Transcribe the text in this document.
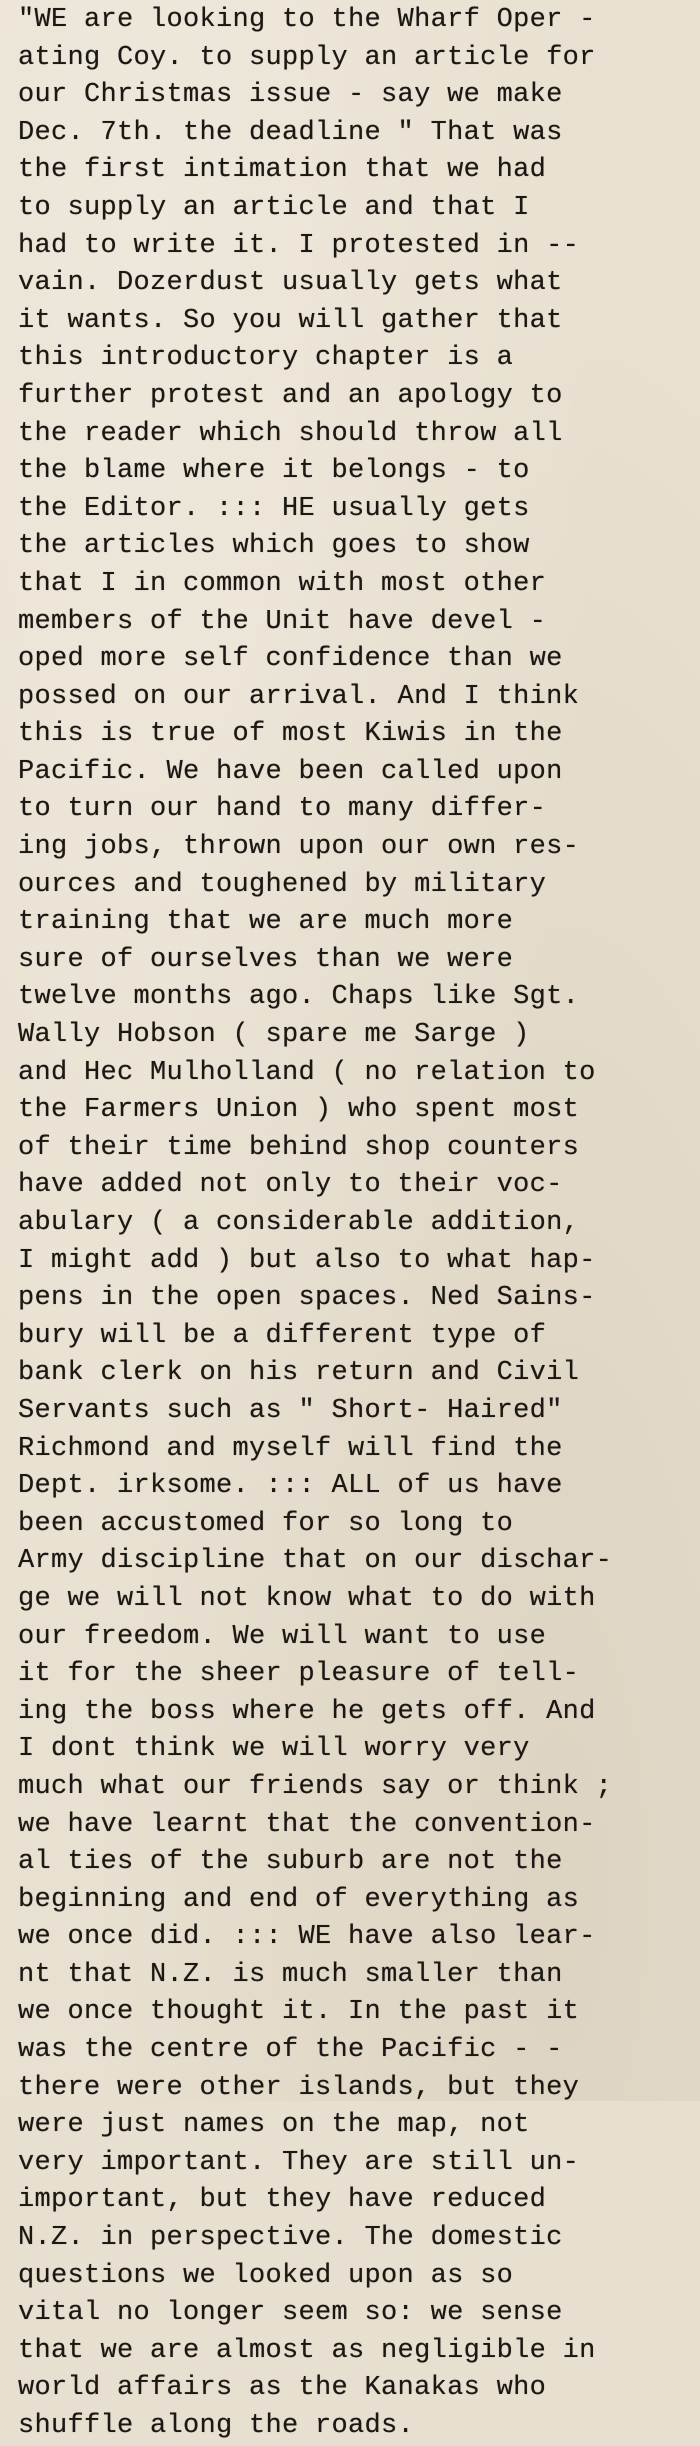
"WE are looking to the Wharf Oper -
ating Coy. to supply an article for
our Christmas issue - say we make
Dec. 7th. the deadline " That was
the first intimation that we had
to supply an article and that I
had to write it. I protested in --
vain. Dozerdust usually gets what
it wants. So you will gather that
this introductory chapter is a
further protest and an apology to
the reader which should throw all
the blame where it belongs - to
the Editor. ::: HE usually gets
the articles which goes to show
that I in common with most other
members of the Unit have devel -
oped more self confidence than we
possed on our arrival. And I think
this is true of most Kiwis in the
Pacific. We have been called upon
to turn our hand to many differ-
ing jobs, thrown upon our own res-
ources and toughened by military
training that we are much more
sure of ourselves than we were
twelve months ago. Chaps like Sgt.
Wally Hobson ( spare me Sarge )
and Hec Mulholland ( no relation to
the Farmers Union ) who spent most
of their time behind shop counters
have added not only to their voc-
abulary ( a considerable addition,
I might add ) but also to what hap-
pens in the open spaces. Ned Sains-
bury will be a different type of
bank clerk on his return and Civil
Servants such as " Short- Haired"
Richmond and myself will find the
Dept. irksome. ::: ALL of us have
been accustomed for so long to
Army discipline that on our dischar-
ge we will not know what to do with
our freedom. We will want to use
it for the sheer pleasure of tell-
ing the boss where he gets off. And
I dont think we will worry very
much what our friends say or think ;
we have learnt that the convention-
al ties of the suburb are not the
beginning and end of everything as
we once did. ::: WE have also lear-
nt that N.Z. is much smaller than
we once thought it. In the past it
was the centre of the Pacific - -
there were other islands, but they
were just names on the map, not
very important. They are still un-
important, but they have reduced
N.Z. in perspective. The domestic
questions we looked upon as so
vital no longer seem so: we sense
that we are almost as negligible in
world affairs as the Kanakas who
shuffle along the roads.
